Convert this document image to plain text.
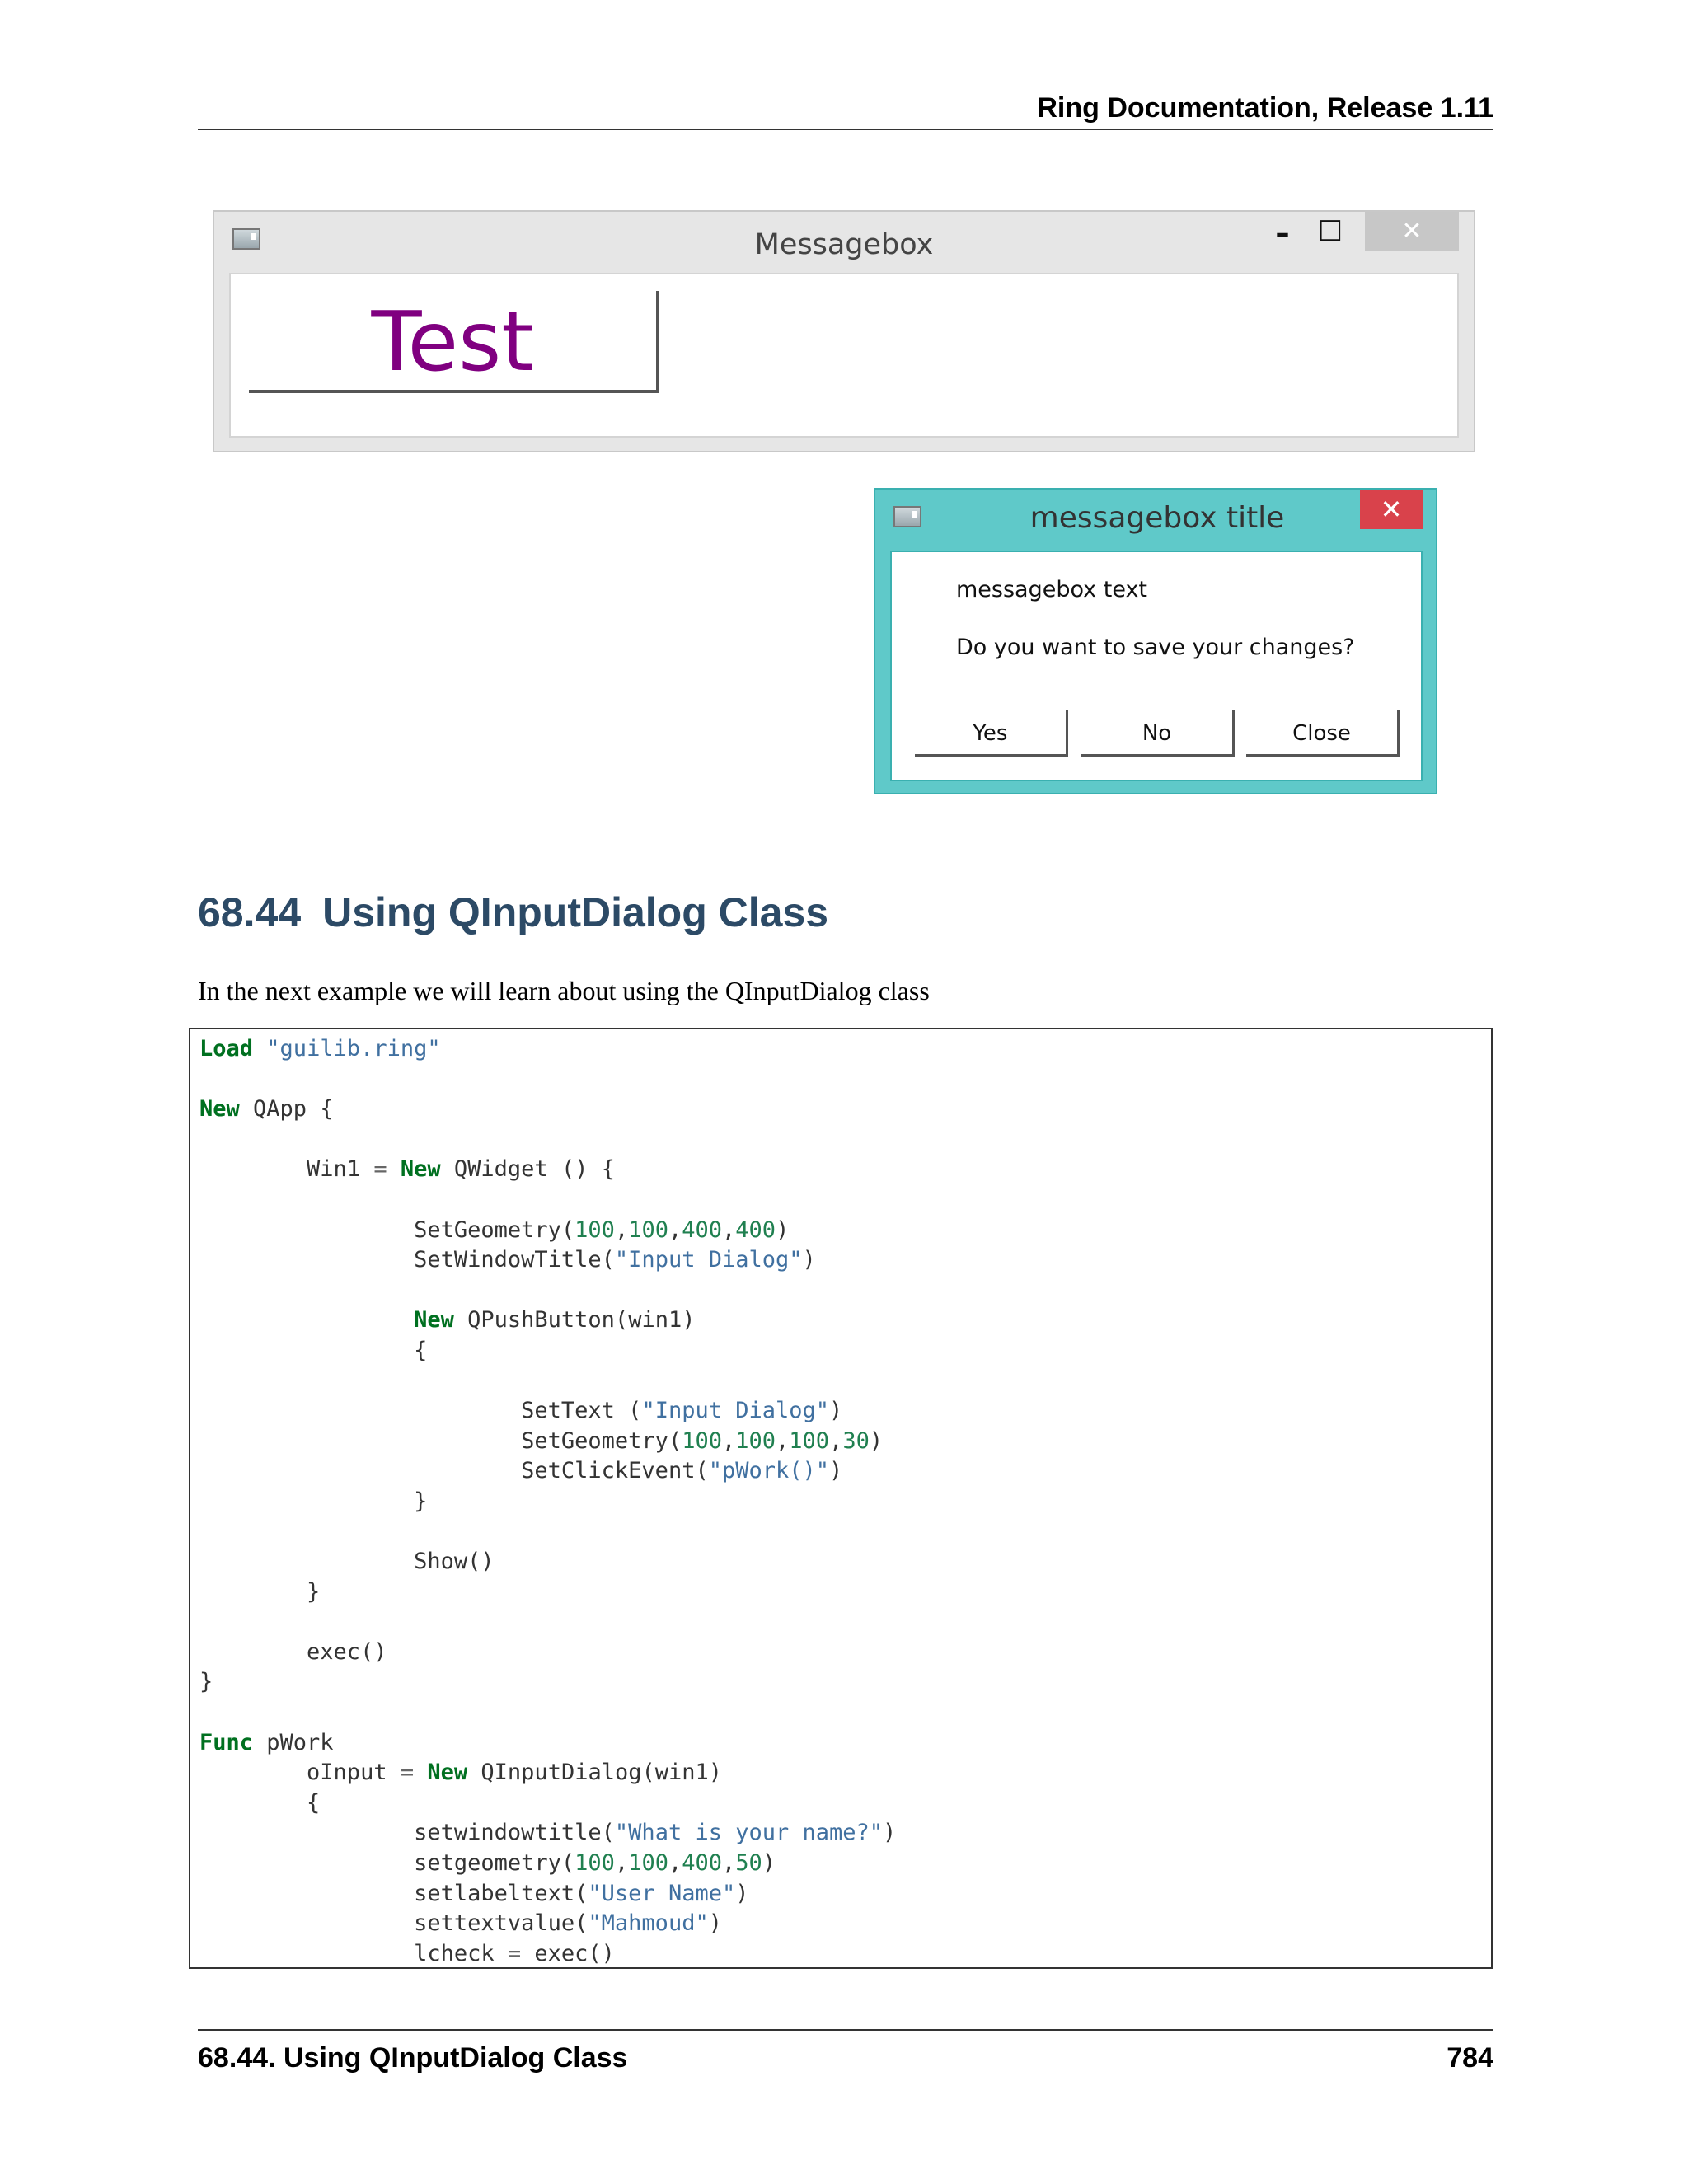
Ring Documentation, Release 1.11
Messagebox	–	☐	✕
Test
messagebox title	✕
messagebox text
Do you want to save your changes?
Yes	No	Close
68.44 Using QInputDialog Class
In the next example we will learn about using the QInputDialog class
Load "guilib.ring"
New QApp {
Win1 = New QWidget () {
SetGeometry(100,100,400,400)
SetWindowTitle("Input Dialog")
New QPushButton(win1)
{
SetText ("Input Dialog")
SetGeometry(100,100,100,30)
SetClickEvent("pWork()")
}
Show()
}
exec()
}
Func pWork
oInput = New QInputDialog(win1)
{
setwindowtitle("What is your name?")
setgeometry(100,100,400,50)
setlabeltext("User Name")
settextvalue("Mahmoud")
lcheck = exec()
68.44. Using QInputDialog Class	784
